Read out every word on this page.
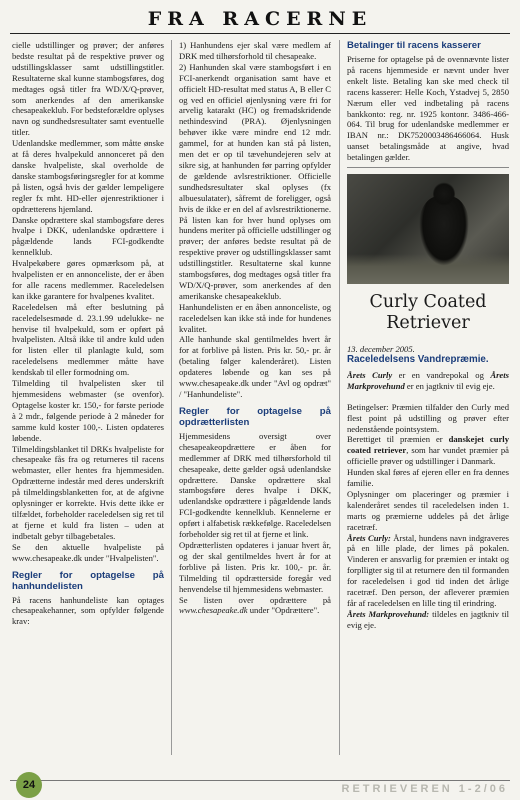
FRA RACERNE

cielle udstillinger og prøver; der anføres bedste resultat på de respektive prøver og udstillingsklasser samt udstillingstitler. Resultaterne skal kunne stambogsføres, dog medtages også titler fra WD/X/Q-prøver, som anerkendes af den amerikanske chesapeakeklub. For bedsteforældre oplyses navn og sundhedsresultater samt eventuelle titler.

Udenlandske medlemmer, som måtte ønske at få deres hvalpekuld annonceret på den danske hvalpeliste, skal overholde de danske stambogsføringsregler for at komme på listen, også hvis der gælder lempeligere regler fx mht. HD-eller øjenrestriktioner i opdrætterens hjemland.

Danske opdrættere skal stambogsføre deres hvalpe i DKK, udenlandske opdrættere i pågældende lands FCI-godkendte kennelklub.

Hvalpekøbere gøres opmærksom på, at hvalpelisten er en annonceliste, der er åben for alle racens medlemmer. Raceledelsen kan ikke garantere for hvalpenes kvalitet.

Raceledelsen må efter beslutning på raceledelsesmøde d. 23.1.99 udelukke- ne henvise til hvalpekuld, som er opført på hvalpelisten. Altså ikke til andre kuld uden for listen eller til planlagte kuld, som raceledelsens medlemmer måtte have kendskab til eller formodning om.

Tilmelding til hvalpelisten sker til hjemmesidens webmaster (se ovenfor). Optagelse koster kr. 150,- for første periode à 2 mdr., følgende periode à 2 måneder for samme kuld koster 100,-. Listen opdateres løbende.

Tilmeldingsblanket til DRKs hvalpeliste for chesapeake fås fra og returneres til racens webmaster, eller hentes fra hjemmesiden. Opdrætterne indestår med deres underskrift på tilmeldingsblanketten for, at de afgivne oplysninger er korrekte. Hvis dette ikke er tilfældet, forbeholder raceledelsen sig ret til at fjerne et kuld fra listen – uden at indbetalt gebyr tilbagebetales.

Se den aktuelle hvalpeliste på www.chesapeake.dk under "Hvalpelisten".

Regler for optagelse på hanhundelisten

På racens hanhundeliste kan optages chesapeakehanner, som opfylder følgende krav:

1) Hanhundens ejer skal være medlem af DRK med tilhørsforhold til chesapeake.

2) Hanhunden skal være stambogsført i en FCI-anerkendt organisation samt have et officielt HD-resultat med status A, B eller C og ved en officiel øjenlysning være fri for arvelig katarakt (HC) og fremadskridende nethindesvind (PRA). Øjenlysningen behøver ikke være mindre end 12 mdr. gammel, for at hunden kan stå på listen, men det er op til tævehundejeren selv at sikre sig, at hanhunden før parring opfylder de gældende avlsrestriktioner. Officielle sundhedsresultater skal oplyses (fx albuesulatater), såfremt de foreligger, også hvis de ikke er en del af avlsrestriktionerne. På listen kan for hver hund oplyses om hundens meriter på officielle udstillinger og prøver; der anføres bedste resultat på de respektive prøver og udstillingsklasser samt udstillingstitler. Resultaterne skal kunne stambogsføres, dog medtages også titler fra WD/X/Q-prøver, som anerkendes af den amerikanske chesapeakeklub.

Hanhundelisten er en åben annonceliste, og raceledelsen kan ikke stå inde for hundenes kvalitet.

Alle hanhunde skal gentilmeldes hvert år for at forblive på listen. Pris kr. 50,- pr. år (betaling følger kalenderåret). Listen opdateres løbende og kan ses på www.chesapeake.dk under "Avl og opdræt" / "Hanhundeliste".

Regler for optagelse på opdrætterlisten

Hjemmesidens oversigt over chesapeakeopdrættere er åben for medlemmer af DRK med tilhørsforhold til chesapeake, dette gælder også udenlandske opdrættere. Danske opdrættere skal stambogsføre deres hvalpe i DKK, udenlandske opdrættere i pågældende lands FCI-godkendte kennelklub. Kennelerne er opført i alfabetisk rækkefølge. Raceledelsen forbeholder sig ret til at fjerne et link.

Opdrætterlisten opdateres i januar hvert år, og der skal gentilmeldes hvert år for at forblive på listen. Pris kr. 100,- pr. år. Tilmelding til opdrætterside foregår ved henvendelse til hjemmesidens webmaster.

Se listen over opdrættere på www.chesapeake.dk under "Opdrættere".

Betalinger til racens kasserer

Priserne for optagelse på de ovennævnte lister på racens hjemmeside er nævnt under hver enkelt liste. Betaling kan ske med check til racens kasserer: Helle Koch, Ystadvej 5, 2850 Nærum eller ved indbetaling på racens bankkonto: reg. nr. 1925 kontonr. 3486-466-064. Til brug for udenlandske medlemmer er IBAN nr.: DK7520003486466064. Husk uanset betalingsmåde at angive, hvad betalingen gælder.

Curly Coated Retriever
13. december 2005.
Raceledelsens Vandrepræmie.

Årets Curly er en vandrepokal og Årets Markprovehund er en jagtkniv til evig eje.

Betingelser: Præmien tilfalder den Curly med flest point på udstilling og prøver efter nedenstående pointsystem.

Berettiget til præmien er danskejet curly coated retriever, som har vundet præmier på officielle prøver og udstillinger i Danmark.

Hunden skal føres af ejeren eller en fra dennes familie.

Oplysninger om placeringer og præmier i kalenderåret sendes til raceledelsen inden 1. marts og præmierne uddeles på det årlige racetræf.

Årets Curly: Årstal, hundens navn indgraveres på en lille plade, der limes på pokalen. Vinderen er ansvarlig for præmien er intakt og forplligter sig til at returnere den til formanden for raceledelsen i god tid inden det årlige racetræf. Den person, der afleverer præmien får af raceledelsen en lille ting til erindring.

Årets Markprovehund: tildeles en jagtkniv til evig eje.

24	RETRIEVEREN 1-2/06
